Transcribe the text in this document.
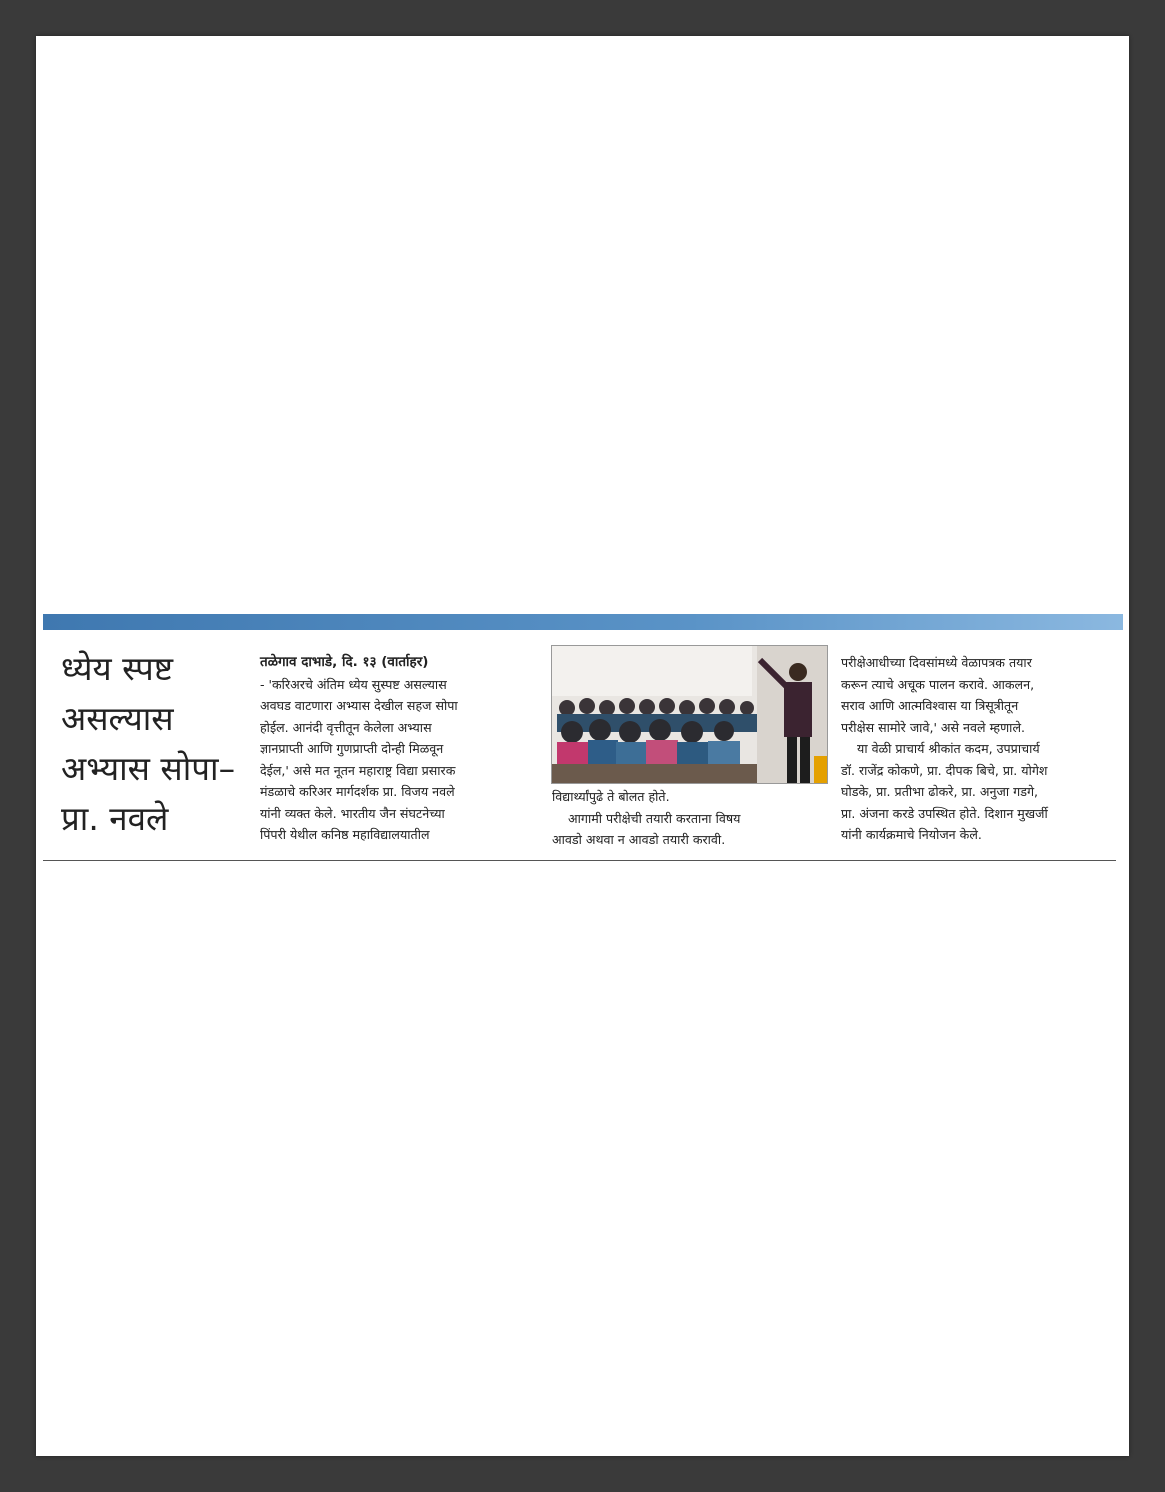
ध्येय स्पष्ट
असल्यास
अभ्यास सोपा–
प्रा. नवले
तळेगाव दाभाडे, दि. १३ (वार्ताहर)
- 'करिअरचे अंतिम ध्येय सुस्पष्ट असल्यास
अवघड वाटणारा अभ्यास देखील सहज सोपा
होईल. आनंदी वृत्तीतून केलेला अभ्यास
ज्ञानप्राप्ती आणि गुणप्राप्ती दोन्ही मिळवून
देईल,' असे मत नूतन महाराष्ट्र विद्या प्रसारक
मंडळाचे करिअर मार्गदर्शक प्रा. विजय नवले
यांनी व्यक्त केले. भारतीय जैन संघटनेच्या
पिंपरी येथील कनिष्ठ महाविद्यालयातील
विद्यार्थ्यांपुढे ते बोलत होते.
आगामी परीक्षेची तयारी करताना विषय
आवडो अथवा न आवडो तयारी करावी.
परीक्षेआधीच्या दिवसांमध्ये वेळापत्रक तयार
करून त्याचे अचूक पालन करावे. आकलन,
सराव आणि आत्मविश्वास या त्रिसूत्रीतून
परीक्षेस सामोरे जावे,' असे नवले म्हणाले.
या वेळी प्राचार्य श्रीकांत कदम, उपप्राचार्य
डॉ. राजेंद्र कोकणे, प्रा. दीपक बिचे, प्रा. योगेश
घोडके, प्रा. प्रतीभा ढोकरे, प्रा. अनुजा गडगे,
प्रा. अंजना करडे उपस्थित होते. दिशान मुखर्जी
यांनी कार्यक्रमाचे नियोजन केले.
